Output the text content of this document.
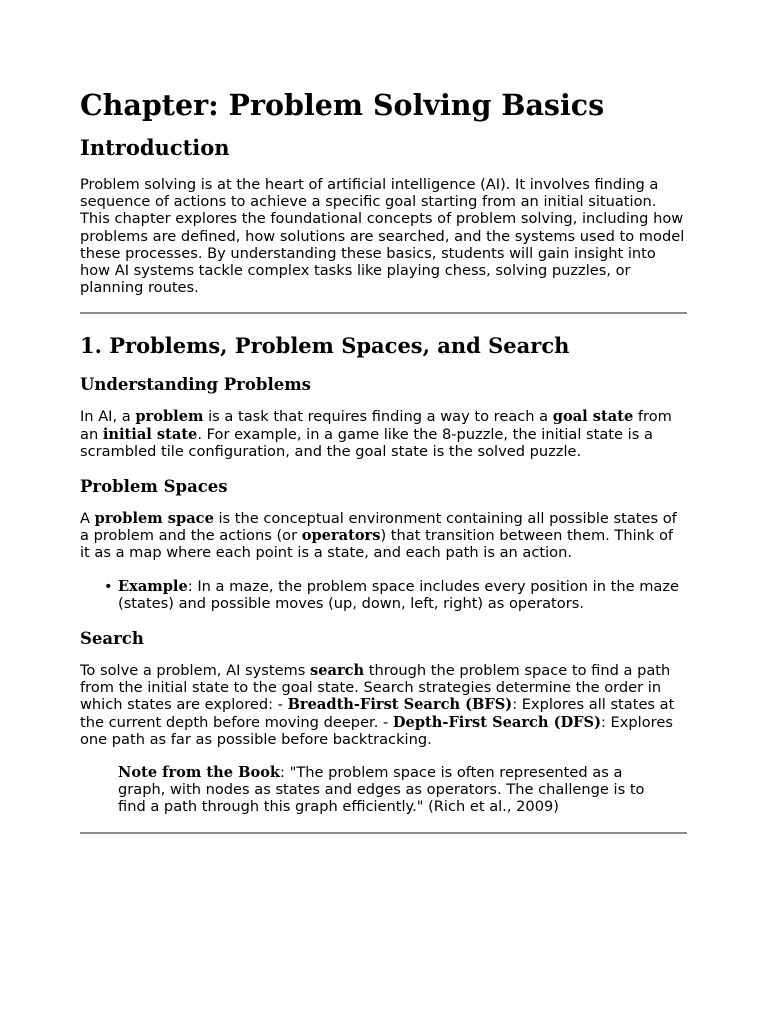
Chapter: Problem Solving Basics
Introduction

Problem solving is at the heart of artificial intelligence (AI). It involves finding a sequence of actions to achieve a specific goal starting from an initial situation. This chapter explores the foundational concepts of problem solving, including how problems are defined, how solutions are searched, and the systems used to model these processes. By understanding these basics, students will gain insight into how AI systems tackle complex tasks like playing chess, solving puzzles, or planning routes.

1. Problems, Problem Spaces, and Search
Understanding Problems

In AI, a problem is a task that requires finding a way to reach a goal state from an initial state. For example, in a game like the 8-puzzle, the initial state is a scrambled tile configuration, and the goal state is the solved puzzle.

Problem Spaces

A problem space is the conceptual environment containing all possible states of a problem and the actions (or operators) that transition between them. Think of it as a map where each point is a state, and each path is an action.

• Example: In a maze, the problem space includes every position in the maze (states) and possible moves (up, down, left, right) as operators.
Search

To solve a problem, AI systems search through the problem space to find a path from the initial state to the goal state. Search strategies determine the order in which states are explored: - Breadth-First Search (BFS): Explores all states at the current depth before moving deeper. - Depth-First Search (DFS): Explores one path as far as possible before backtracking.

Note from the Book: "The problem space is often represented as a graph, with nodes as states and edges as operators. The challenge is to find a path through this graph efficiently." (Rich et al., 2009)
